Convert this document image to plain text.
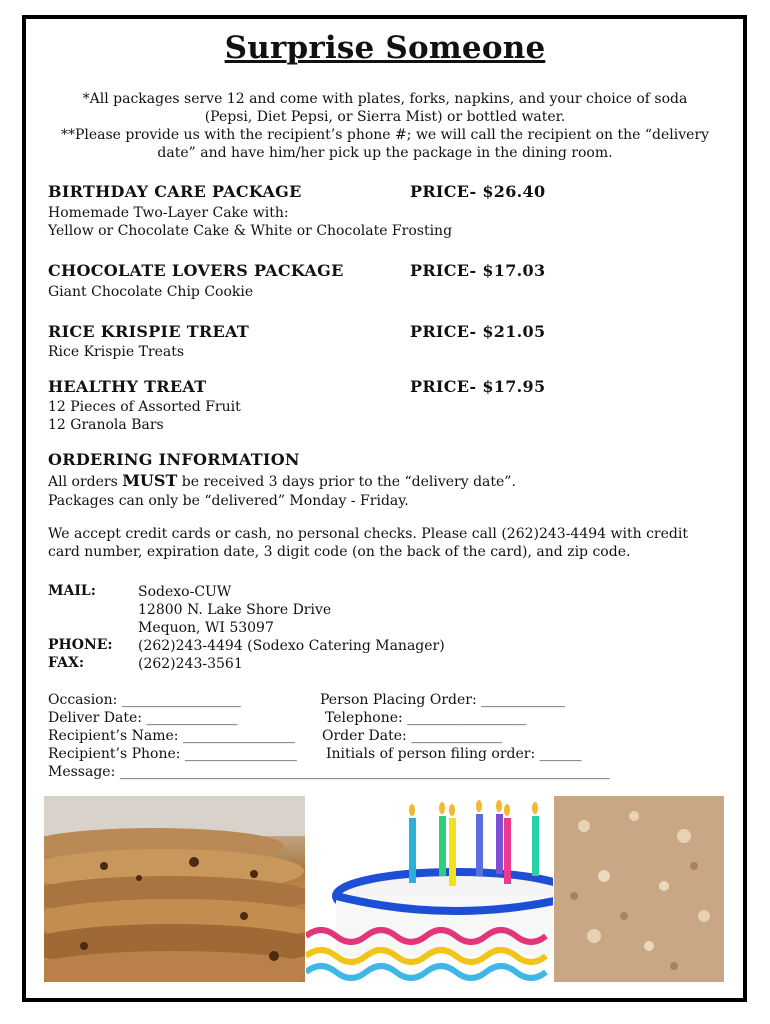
Surprise Someone
*All packages serve 12 and come with plates, forks, napkins, and your choice of soda
(Pepsi, Diet Pepsi, or Sierra Mist) or bottled water.
**Please provide us with the recipient’s phone #; we will call the recipient on the “delivery
date” and have him/her pick up the package in the dining room.
BIRTHDAY CARE PACKAGE	PRICE- $26.40
Homemade Two-Layer Cake with:
Yellow or Chocolate Cake & White or Chocolate Frosting
CHOCOLATE LOVERS PACKAGE	PRICE- $17.03
Giant Chocolate Chip Cookie
RICE KRISPIE TREAT	PRICE- $21.05
Rice Krispie Treats
HEALTHY TREAT	PRICE- $17.95
12 Pieces of Assorted Fruit
12 Granola Bars
ORDERING INFORMATION
All orders MUST be received 3 days prior to the “delivery date”.
Packages can only be “delivered” Monday - Friday.
We accept credit cards or cash, no personal checks. Please call (262)243-4494 with credit
card number, expiration date, 3 digit code (on the back of the card), and zip code.
MAIL:	Sodexo-CUW
12800 N. Lake Shore Drive
Mequon, WI 53097
PHONE: (262)243-4494 (Sodexo Catering Manager)
FAX:	(262)243-3561
Occasion: _________________	Person Placing Order: ____________
Deliver Date: _____________	Telephone: _________________
Recipient’s Name: ________________ Order Date: _____________
Recipient’s Phone: ________________ Initials of person filing order: ______
Message: ______________________________________________________________________
